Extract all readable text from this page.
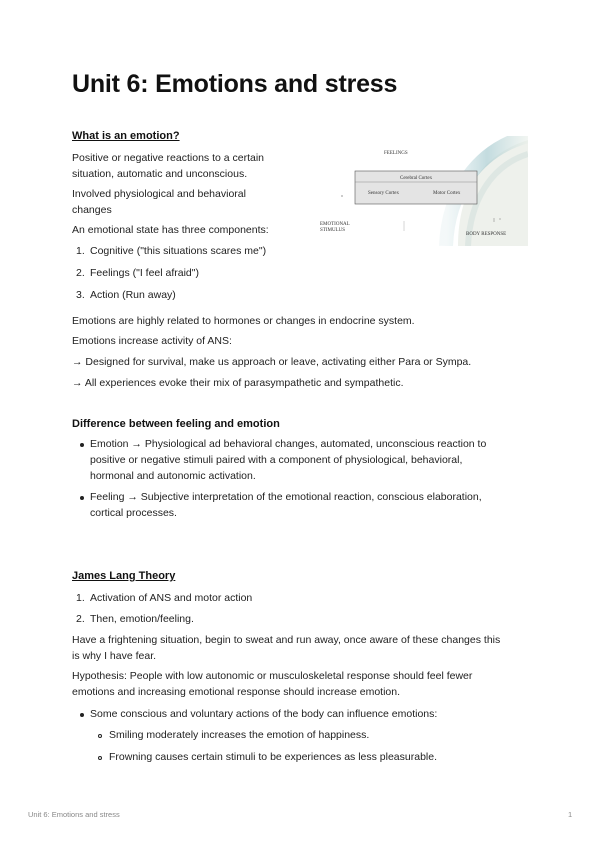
Unit 6: Emotions and stress

What is an emotion?

Positive or negative reactions to a certain

situation, automatic and unconscious.

Involved physiological and behavioral

changes

An emotional state has three components:

1. Cognitive ("this situations scares me")

2. Feelings ("I feel afraid")

3. Action (Run away)

Emotions are highly related to hormones or changes in endocrine system.

Emotions increase activity of ANS:

→ Designed for survival, make us approach or leave, activating either Para or Sympa.

→ All experiences evoke their mix of parasympathetic and sympathetic.

FEELINGS
Cerebral Cortex
Sensory Cortex	Motor Cortex
EMOTIONAL
STIMULUS
BODY RESPONSE

Difference between feeling and emotion

Emotion → Physiological ad behavioral changes, automated, unconscious reaction to

positive or negative stimuli paired with a component of physiological, behavioral,

hormonal and autonomic activation.

Feeling → Subjective interpretation of the emotional reaction, conscious elaboration,

cortical processes.

James Lang Theory

1. Activation of ANS and motor action

2. Then, emotion/feeling.

Have a frightening situation, begin to sweat and run away, once aware of these changes this

is why I have fear.

Hypothesis: People with low autonomic or musculoskeletal response should feel fewer

emotions and increasing emotional response should increase emotion.

Some conscious and voluntary actions of the body can influence emotions:

Smiling moderately increases the emotion of happiness.

Frowning causes certain stimuli to be experiences as less pleasurable.

Unit 6: Emotions and stress	1
